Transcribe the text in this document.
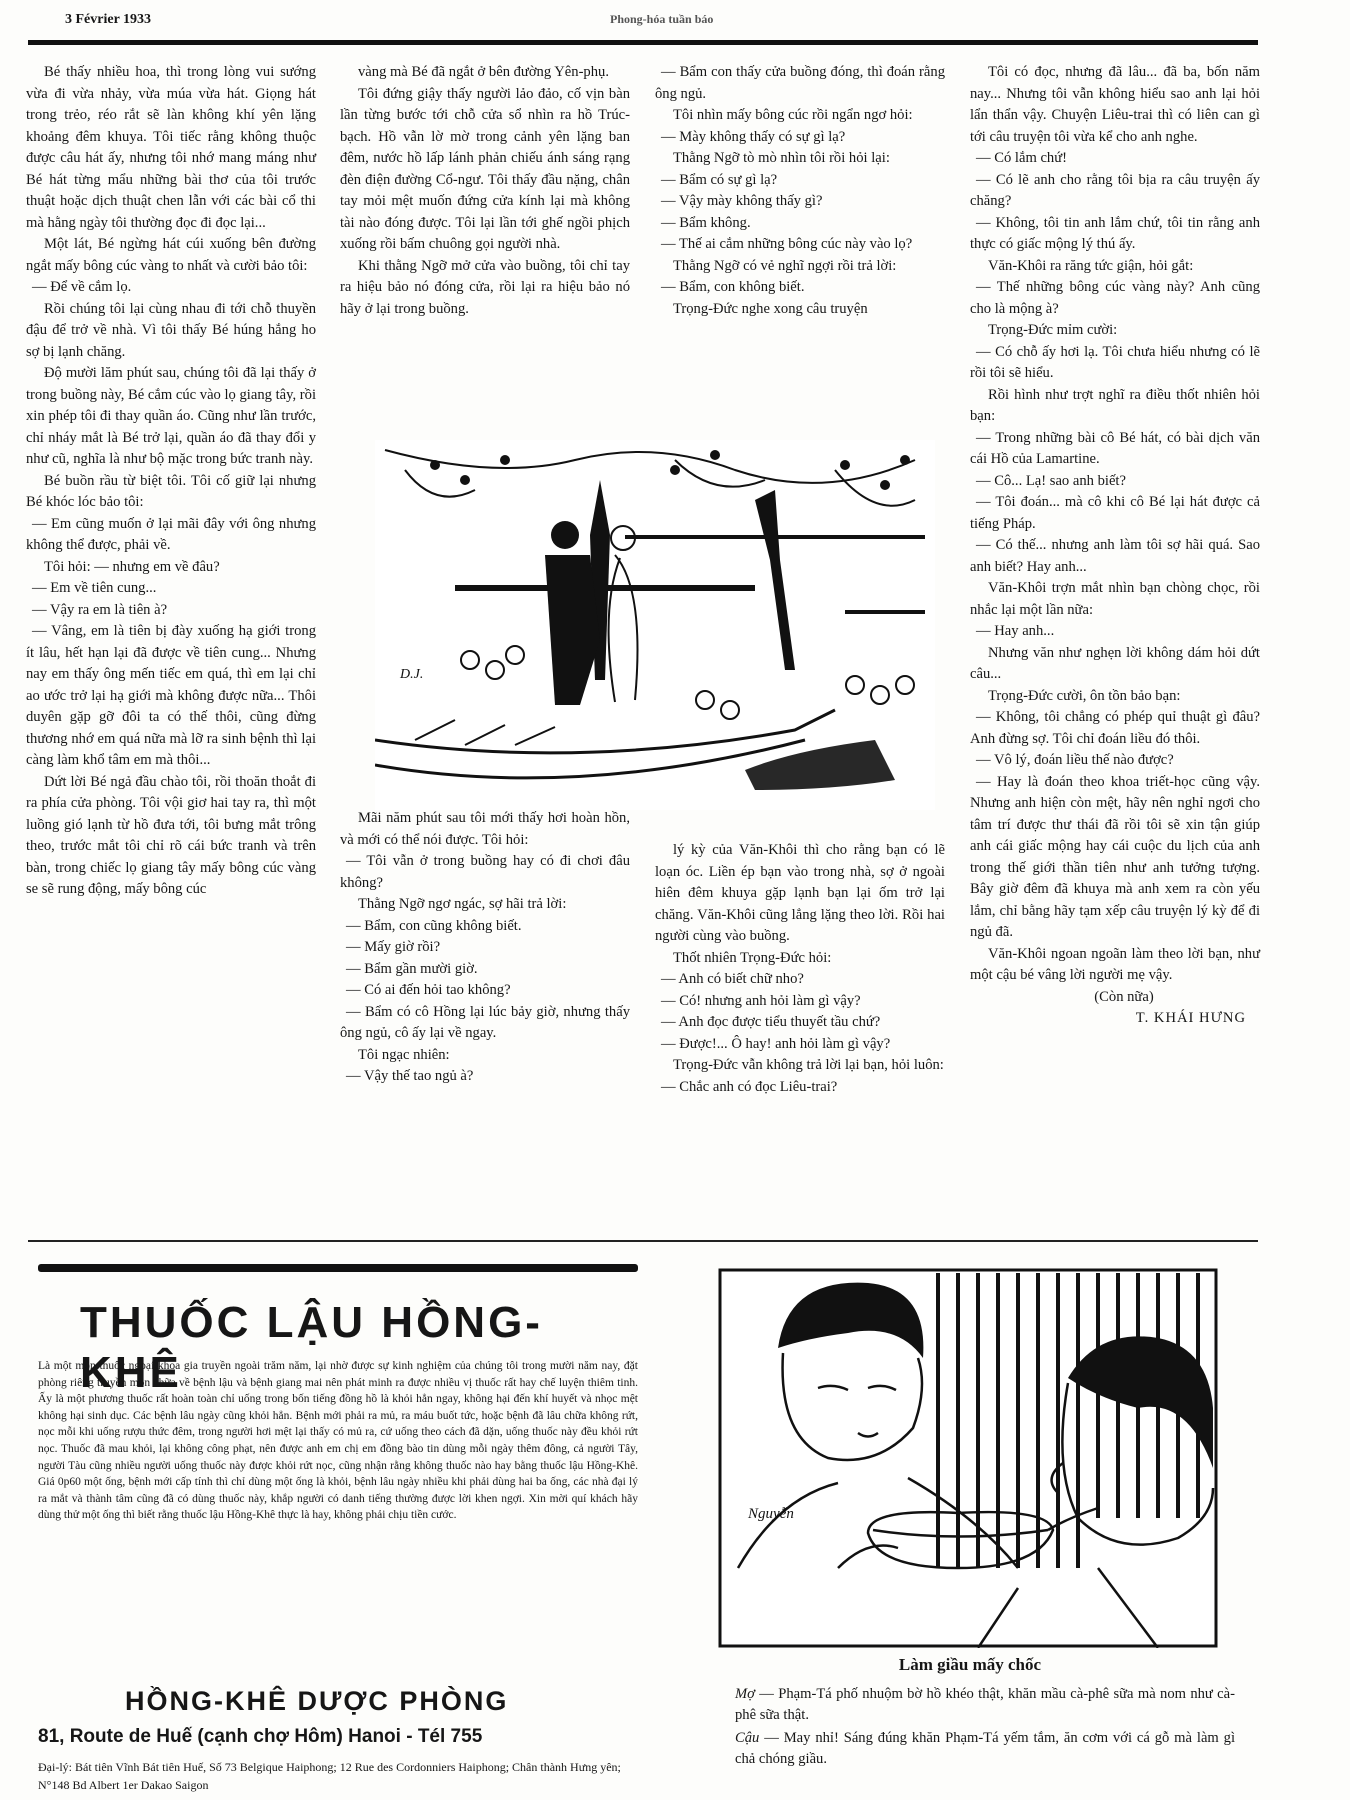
3 Février 1933	Phong-hóa tuần báo

Bé thấy nhiều hoa, thì trong lòng vui sướng vừa đi vừa nhảy, vừa múa vừa hát. Giọng hát trong trẻo, réo rắt sẽ làn không khí yên lặng khoảng đêm khuya. Tôi tiếc rằng không thuộc được câu hát ấy, nhưng tôi nhớ mang máng như Bé hát từng mẩu những bài thơ của tôi trước thuật hoặc dịch thuật chen lẫn với các bài cổ thi mà hằng ngày tôi thường đọc đi đọc lại...

Một lát, Bé ngừng hát cúi xuống bên đường ngắt mấy bông cúc vàng to nhất và cười bảo tôi:

— Để về cắm lọ.

Rồi chúng tôi lại cùng nhau đi tới chỗ thuyền đậu để trở về nhà. Vì tôi thấy Bé húng hắng ho sợ bị lạnh chăng.

Độ mười lăm phút sau, chúng tôi đã lại thấy ở trong buồng này, Bé cắm cúc vào lọ giang tây, rồi xin phép tôi đi thay quần áo. Cũng như lần trước, chỉ nháy mắt là Bé trở lại, quần áo đã thay đổi y như cũ, nghĩa là như bộ mặc trong bức tranh này.

Bé buồn rầu từ biệt tôi. Tôi cố giữ lại nhưng Bé khóc lóc bảo tôi:

— Em cũng muốn ở lại mãi đây với ông nhưng không thể được, phải về.

Tôi hỏi: — nhưng em về đâu?

— Em về tiên cung...

— Vậy ra em là tiên à?

— Vâng, em là tiên bị đày xuống hạ giới trong ít lâu, hết hạn lại đã được về tiên cung... Nhưng nay em thấy ông mến tiếc em quá, thì em lại chỉ ao ước trở lại hạ giới mà không được nữa... Thôi duyên gặp gỡ đôi ta có thế thôi, cũng đừng thương nhớ em quá nữa mà lỡ ra sinh bệnh thì lại càng làm khổ tâm em mà thôi...

Dứt lời Bé ngả đầu chào tôi, rồi thoăn thoắt đi ra phía cửa phòng. Tôi vội giơ hai tay ra, thì một luồng gió lạnh từ hồ đưa tới, tôi bưng mắt trông theo, trước mắt tôi chỉ rõ cái bức tranh và trên bàn, trong chiếc lọ giang tây mấy bông cúc vàng se sẽ rung động, mấy bông cúc

vàng mà Bé đã ngắt ở bên đường Yên-phụ.

Tôi đứng giậy thấy người lảo đảo, cố vịn bàn lần từng bước tới chỗ cửa sổ nhìn ra hồ Trúc-bạch. Hồ vẫn lờ mờ trong cảnh yên lặng ban đêm, nước hồ lấp lánh phản chiếu ánh sáng rạng đèn điện đường Cổ-ngư. Tôi thấy đầu nặng, chân tay mỏi mệt muốn đứng cửa kính lại mà không tài nào đóng được. Tôi lại lần tới ghế ngồi phịch xuống rồi bấm chuông gọi người nhà.

Khi thằng Ngỡ mở cửa vào buồng, tôi chỉ tay ra hiệu bảo nó đóng cửa, rồi lại ra hiệu bảo nó hãy ở lại trong buồng.

— Bẩm con thấy cửa buồng đóng, thì đoán rằng ông ngủ.

Tôi nhìn mấy bông cúc rồi ngẩn ngơ hỏi:

— Mày không thấy có sự gì lạ?

Thằng Ngỡ tò mò nhìn tôi rồi hỏi lại:

— Bẩm có sự gì lạ?

— Vậy mày không thấy gì?

— Bẩm không.

— Thế ai cắm những bông cúc này vào lọ?

Thằng Ngỡ có vẻ nghĩ ngợi rồi trả lời:

— Bẩm, con không biết.

Trọng-Đức nghe xong câu truyện

Tôi có đọc, nhưng đã lâu... đã ba, bốn năm nay... Nhưng tôi vẫn không hiểu sao anh lại hỏi lẩn thẩn vậy. Chuyện Liêu-trai thì có liên can gì tới câu truyện tôi vừa kể cho anh nghe.

— Có lắm chứ!

— Có lẽ anh cho rằng tôi bịa ra câu truyện ấy chăng?

— Không, tôi tin anh lắm chứ, tôi tin rằng anh thực có giấc mộng lý thú ấy.

Văn-Khôi ra răng tức giận, hỏi gắt:

— Thế những bông cúc vàng này? Anh cũng cho là mộng à?

Trọng-Đức mỉm cười:

— Có chỗ ấy hơi lạ. Tôi chưa hiểu nhưng có lẽ rồi tôi sẽ hiểu.

Rồi hình như trợt nghĩ ra điều thốt nhiên hỏi bạn:

— Trong những bài cô Bé hát, có bài dịch văn cái Hồ của Lamartine.

— Cô... Lạ! sao anh biết?

— Tôi đoán... mà cô khi cô Bé lại hát được cả tiếng Pháp.

— Có thế... nhưng anh làm tôi sợ hãi quá. Sao anh biết? Hay anh...

Văn-Khôi trợn mắt nhìn bạn chòng chọc, rồi nhắc lại một lần nữa:

— Hay anh...

Nhưng văn như nghẹn lời không dám hỏi dứt câu...

Trọng-Đức cười, ôn tồn bảo bạn:

— Không, tôi chẳng có phép quỉ thuật gì đâu? Anh đừng sợ. Tôi chỉ đoán liều đó thôi.

— Vô lý, đoán liều thế nào được?

— Hay là đoán theo khoa triết-học cũng vậy. Nhưng anh hiện còn mệt, hãy nên nghỉ ngơi cho tâm trí được thư thái đã rồi tôi sẽ xin tận giúp anh cái giấc mộng hay cái cuộc du lịch của anh trong thế giới thần tiên như anh tưởng tượng. Bây giờ đêm đã khuya mà anh xem ra còn yếu lắm, chỉ bằng hãy tạm xếp câu truyện lý kỳ để đi ngủ đã.

Văn-Khôi ngoan ngoãn làm theo lời bạn, như một cậu bé vâng lời người mẹ vậy.

(Còn nữa)

T. KHÁI HƯNG

D.J.

Mãi năm phút sau tôi mới thấy hơi hoàn hồn, và mới có thể nói được. Tôi hỏi:

— Tôi vẫn ở trong buồng hay có đi chơi đâu không?

Thằng Ngỡ ngơ ngác, sợ hãi trả lời:

— Bẩm, con cũng không biết.

— Mấy giờ rồi?

— Bẩm gần mười giờ.

— Có ai đến hỏi tao không?

— Bẩm có cô Hồng lại lúc bảy giờ, nhưng thấy ông ngủ, cô ấy lại về ngay.

Tôi ngạc nhiên:

— Vậy thế tao ngủ à?

lý kỳ của Văn-Khôi thì cho rằng bạn có lẽ loạn óc. Liền ép bạn vào trong nhà, sợ ở ngoài hiên đêm khuya gặp lạnh bạn lại ốm trở lại chăng. Văn-Khôi cũng lẳng lặng theo lời. Rồi hai người cùng vào buồng.

Thốt nhiên Trọng-Đức hỏi:

— Anh có biết chữ nho?

— Có! nhưng anh hỏi làm gì vậy?

— Anh đọc được tiểu thuyết tầu chứ?

— Được!... Ô hay! anh hỏi làm gì vậy?

Trọng-Đức vẫn không trả lời lại bạn, hỏi luôn:

— Chắc anh có đọc Liêu-trai?

THUỐC LẬU HỒNG-KHÊ
Là một môn thuốc ngoại khoa gia truyền ngoài trăm năm, lại nhờ được sự kinh nghiệm của chúng tôi trong mười năm nay, đặt phòng riêng truyền môn chữa về bệnh lậu và bệnh giang mai nên phát minh ra được nhiều vị thuốc rất hay chế luyện thiêm tinh. Ấy là một phương thuốc rất hoàn toàn chỉ uống trong bốn tiếng đồng hồ là khỏi hẳn ngay, không hại đến khí huyết và nhọc mệt không hại sinh dục. Các bệnh lâu ngày cũng khỏi hẳn. Bệnh mới phải ra mủ, ra máu buốt tức, hoặc bệnh đã lâu chữa không rứt, nọc mỗi khi uống rượu thức đêm, trong người hơi mệt lại thấy có mủ ra, cứ uống theo cách đã dặn, uống thuốc này đều khỏi rứt nọc. Thuốc đã mau khỏi, lại không công phạt, nên được anh em chị em đồng bào tin dùng mỗi ngày thêm đông, cả người Tây, người Tàu cũng nhiều người uống thuốc này được khỏi rứt nọc, cũng nhận rằng không thuốc nào hay bằng thuốc lậu Hồng-Khê. Giá 0p60 một ống, bệnh mới cấp tính thì chỉ dùng một ống là khỏi, bệnh lâu ngày nhiều khi phải dùng hai ba ống, các nhà đại lý ra mắt và thành tâm cũng đã có dùng thuốc này, khắp người có danh tiếng thường được lời khen ngợi. Xin mời quí khách hãy dùng thử một ống thì biết rằng thuốc lậu Hồng-Khê thực là hay, không phải chịu tiền cước.
HỒNG-KHÊ DƯỢC PHÒNG
81, Route de Huế (cạnh chợ Hôm) Hanoi - Tél 755
Đại-lý: Bát tiên Vĩnh Bát tiên Huế, Số 73 Belgique Haiphong; 12 Rue des Cordonniers Haiphong; Chân thành Hưng yên; N°148 Bd Albert 1er Dakao Saigon
Nguyễn
Làm giầu mấy chốc

Mợ — Phạm-Tá phố nhuộm bờ hồ khéo thật, khăn mầu cà-phê sữa mà nom như cà-phê sữa thật.

Cậu — May nhỉ! Sáng đúng khăn Phạm-Tá yếm tắm, ăn cơm với cá gỗ mà làm gì chả chóng giầu.
